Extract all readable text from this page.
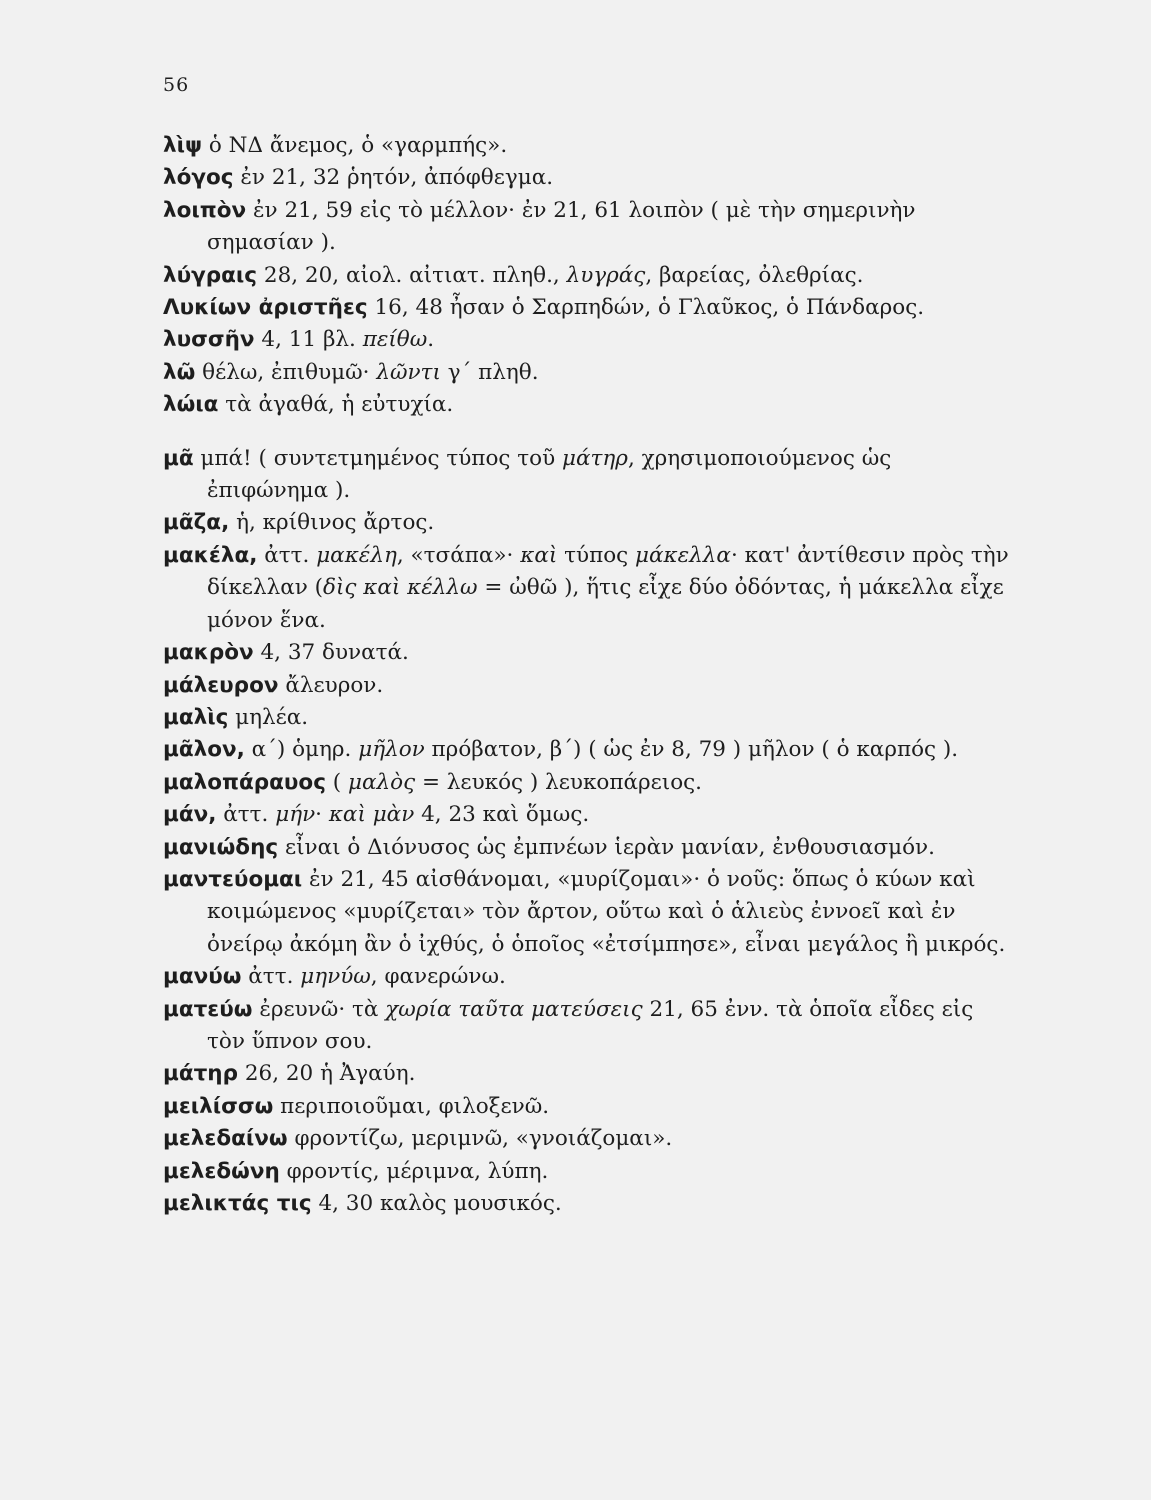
56

λὶψ ὁ ΝΔ ἄνεμος, ὁ «γαρμπής».

λόγος ἐν 21, 32 ῥητόν, ἀπόφθεγμα.

λοιπὸν ἐν 21, 59 εἰς τὸ μέλλον· ἐν 21, 61 λοιπὸν ( μὲ τὴν σημερινὴν σημασίαν ).

λύγραις 28, 20, αἰολ. αἰτιατ. πληθ., λυγράς, βαρείας, ὀλεθρίας.

Λυκίων ἀριστῆες 16, 48 ἦσαν ὁ Σαρπηδών, ὁ Γλαῦκος, ὁ Πάνδαρος.

λυσσῆν 4, 11 βλ. πείθω.

λῶ θέλω, ἐπιθυμῶ· λῶντι γ΄ πληθ.

λώια τὰ ἀγαθά, ἡ εὐτυχία.

μᾶ μπά! ( συντετμημένος τύπος τοῦ μάτηρ, χρησιμοποιούμενος ὡς ἐπιφώνημα ).

μᾶζα, ἡ, κρίθινος ἄρτος.

μακέλα, ἀττ. μακέλη, «τσάπα»· καὶ τύπος μάκελλα· κατ' ἀντίθεσιν πρὸς τὴν δίκελλαν (δὶς καὶ κέλλω = ὠθῶ ), ἥτις εἶχε δύο ὀδόντας, ἡ μάκελλα εἶχε μόνον ἕνα.

μακρὸν 4, 37 δυνατά.

μάλευρον ἄλευρον.

μαλὶς μηλέα.

μᾶλον, α΄) ὁμηρ. μῆλον πρόβατον, β΄) ( ὡς ἐν 8, 79 ) μῆλον ( ὁ καρπός ).

μαλοπάραυος ( μαλὸς = λευκός ) λευκοπάρειος.

μάν, ἀττ. μήν· καὶ μὰν 4, 23 καὶ ὅμως.

μανιώδης εἶναι ὁ Διόνυσος ὡς ἐμπνέων ἱερὰν μανίαν, ἐνθουσιασμόν.

μαντεύομαι ἐν 21, 45 αἰσθάνομαι, «μυρίζομαι»· ὁ νοῦς: ὅπως ὁ κύων καὶ κοιμώμενος «μυρίζεται» τὸν ἄρτον, οὕτω καὶ ὁ ἁλιεὺς ἐννοεῖ καὶ ἐν ὀνείρῳ ἀκόμη ἂν ὁ ἰχθύς, ὁ ὁποῖος «ἐτσίμπησε», εἶναι μεγάλος ἢ μικρός.

μανύω ἀττ. μηνύω, φανερώνω.

ματεύω ἐρευνῶ· τὰ χωρία ταῦτα ματεύσεις 21, 65 ἐνν. τὰ ὁποῖα εἶδες εἰς τὸν ὕπνον σου.

μάτηρ 26, 20 ἡ Ἀγαύη.

μειλίσσω περιποιοῦμαι, φιλοξενῶ.

μελεδαίνω φροντίζω, μεριμνῶ, «γνοιάζομαι».

μελεδώνη φροντίς, μέριμνα, λύπη.

μελικτάς τις 4, 30 καλὸς μουσικός.
